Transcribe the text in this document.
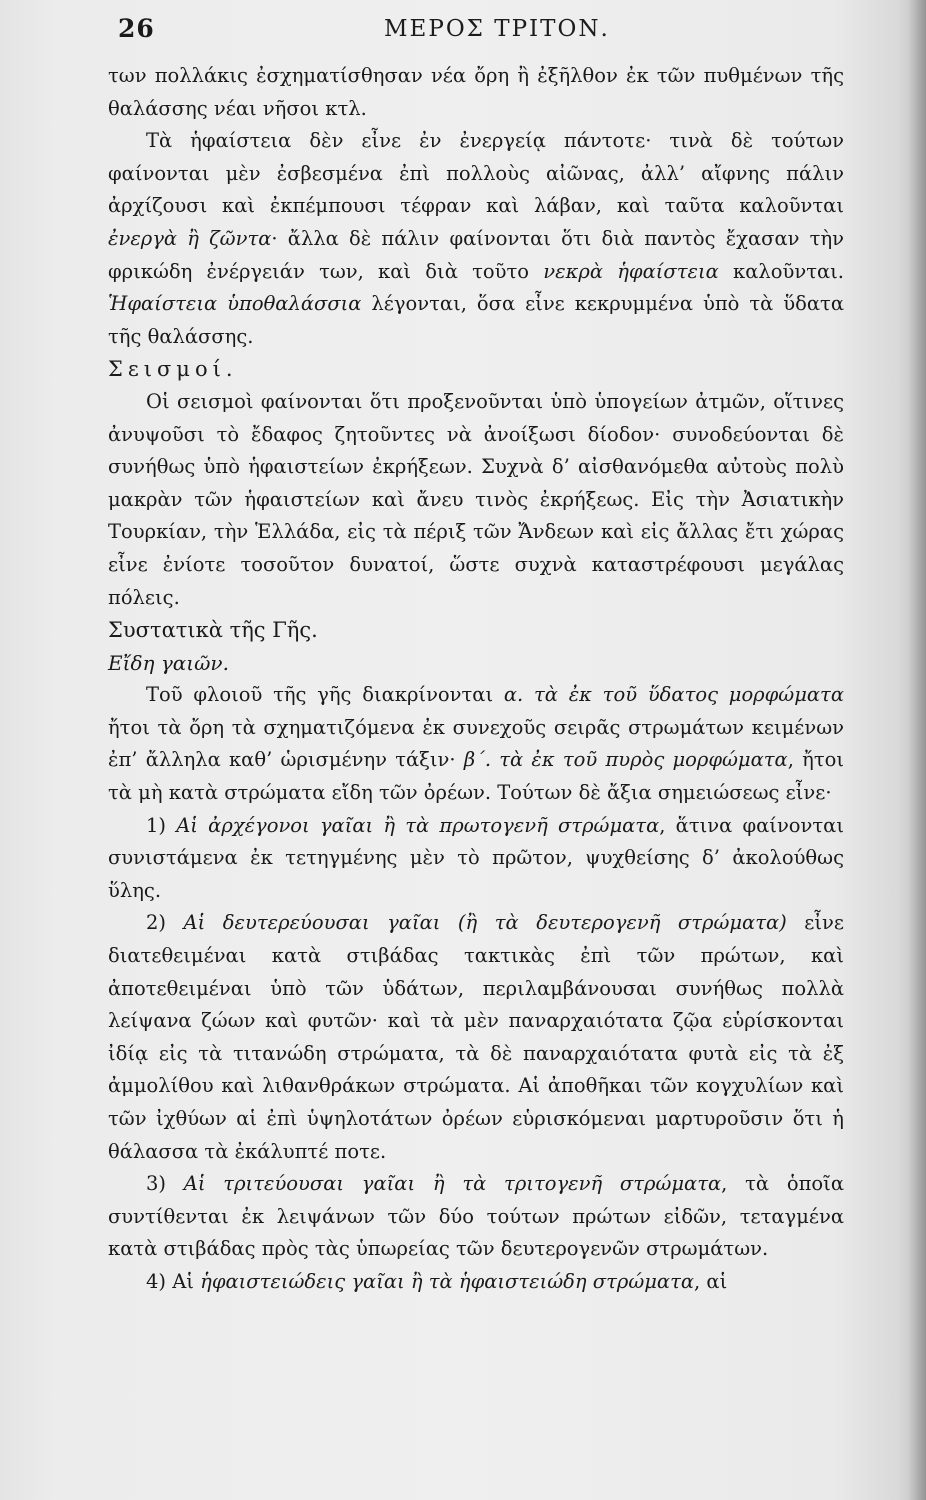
26	ΜΕΡΟΣ ΤΡΙΤΟΝ.

των πολλάκις ἐσχηματίσθησαν νέα ὄρη ἢ ἐξῆλθον ἐκ τῶν πυθμένων τῆς θαλάσσης νέαι νῆσοι κτλ.

Τὰ ἡφαίστεια δὲν εἶνε ἐν ἐνεργείᾳ πάντοτε· τινὰ δὲ τούτων φαίνονται μὲν ἐσβεσμένα ἐπὶ πολλοὺς αἰῶνας, ἀλλ’ αἴφνης πάλιν ἀρχίζουσι καὶ ἐκπέμπουσι τέφραν καὶ λάβαν, καὶ ταῦτα καλοῦνται ἐνεργὰ ἢ ζῶντα· ἄλλα δὲ πάλιν φαίνονται ὅτι διὰ παντὸς ἔχασαν τὴν φρικώδη ἐνέργειάν των, καὶ διὰ τοῦτο νεκρὰ ἡφαίστεια καλοῦνται. Ἡφαίστεια ὑποθαλάσσια λέγονται, ὅσα εἶνε κεκρυμμένα ὑπὸ τὰ ὕδατα τῆς θαλάσσης.

Σεισμοί.

Οἱ σεισμοὶ φαίνονται ὅτι προξενοῦνται ὑπὸ ὑπογείων ἀτμῶν, οἵτινες ἀνυψοῦσι τὸ ἔδαφος ζητοῦντες νὰ ἀνοίξωσι δίοδον· συνοδεύονται δὲ συνήθως ὑπὸ ἡφαιστείων ἐκρήξεων. Συχνὰ δ’ αἰσθανόμεθα αὐτοὺς πολὺ μακρὰν τῶν ἡφαιστείων καὶ ἄνευ τινὸς ἐκρήξεως. Εἰς τὴν Ἀσιατικὴν Τουρκίαν, τὴν Ἑλλάδα, εἰς τὰ πέριξ τῶν Ἄνδεων καὶ εἰς ἄλλας ἔτι χώρας εἶνε ἐνίοτε τοσοῦτον δυνατοί, ὥστε συχνὰ καταστρέφουσι μεγάλας πόλεις.

Συστατικὰ τῆς Γῆς.

Εἴδη γαιῶν.

Τοῦ φλοιοῦ τῆς γῆς διακρίνονται α. τὰ ἐκ τοῦ ὕδατος μορφώματα ἤτοι τὰ ὄρη τὰ σχηματιζόμενα ἐκ συνεχοῦς σειρᾶς στρωμάτων κειμένων ἐπ’ ἄλληλα καθ’ ὡρισμένην τάξιν· β΄. τὰ ἐκ τοῦ πυρὸς μορφώματα, ἤτοι τὰ μὴ κατὰ στρώματα εἴδη τῶν ὀρέων. Τούτων δὲ ἄξια σημειώσεως εἶνε·

1) Αἱ ἀρχέγονοι γαῖαι ἢ τὰ πρωτογενῆ στρώματα, ἅτινα φαίνονται συνιστάμενα ἐκ τετηγμένης μὲν τὸ πρῶτον, ψυχθείσης δ’ ἀκολούθως ὕλης.

2) Αἱ δευτερεύουσαι γαῖαι (ἢ τὰ δευτερογενῆ στρώματα) εἶνε διατεθειμέναι κατὰ στιβάδας τακτικὰς ἐπὶ τῶν πρώτων, καὶ ἀποτεθειμέναι ὑπὸ τῶν ὑδάτων, περιλαμβάνουσαι συνήθως πολλὰ λείψανα ζώων καὶ φυτῶν· καὶ τὰ μὲν παναρχαιότατα ζῷα εὑρίσκονται ἰδίᾳ εἰς τὰ τιτανώδη στρώματα, τὰ δὲ παναρχαιότατα φυτὰ εἰς τὰ ἐξ ἀμμολίθου καὶ λιθανθράκων στρώματα. Αἱ ἀποθῆκαι τῶν κογχυλίων καὶ τῶν ἰχθύων αἱ ἐπὶ ὑψηλοτάτων ὀρέων εὑρισκόμεναι μαρτυροῦσιν ὅτι ἡ θάλασσα τὰ ἐκάλυπτέ ποτε.

3) Αἱ τριτεύουσαι γαῖαι ἢ τὰ τριτογενῆ στρώματα, τὰ ὁποῖα συντίθενται ἐκ λειψάνων τῶν δύο τούτων πρώτων εἰδῶν, τεταγμένα κατὰ στιβάδας πρὸς τὰς ὑπωρείας τῶν δευτερογενῶν στρωμάτων.

4) Αἱ ἡφαιστειώδεις γαῖαι ἢ τὰ ἡφαιστειώδη στρώματα, αἱ
